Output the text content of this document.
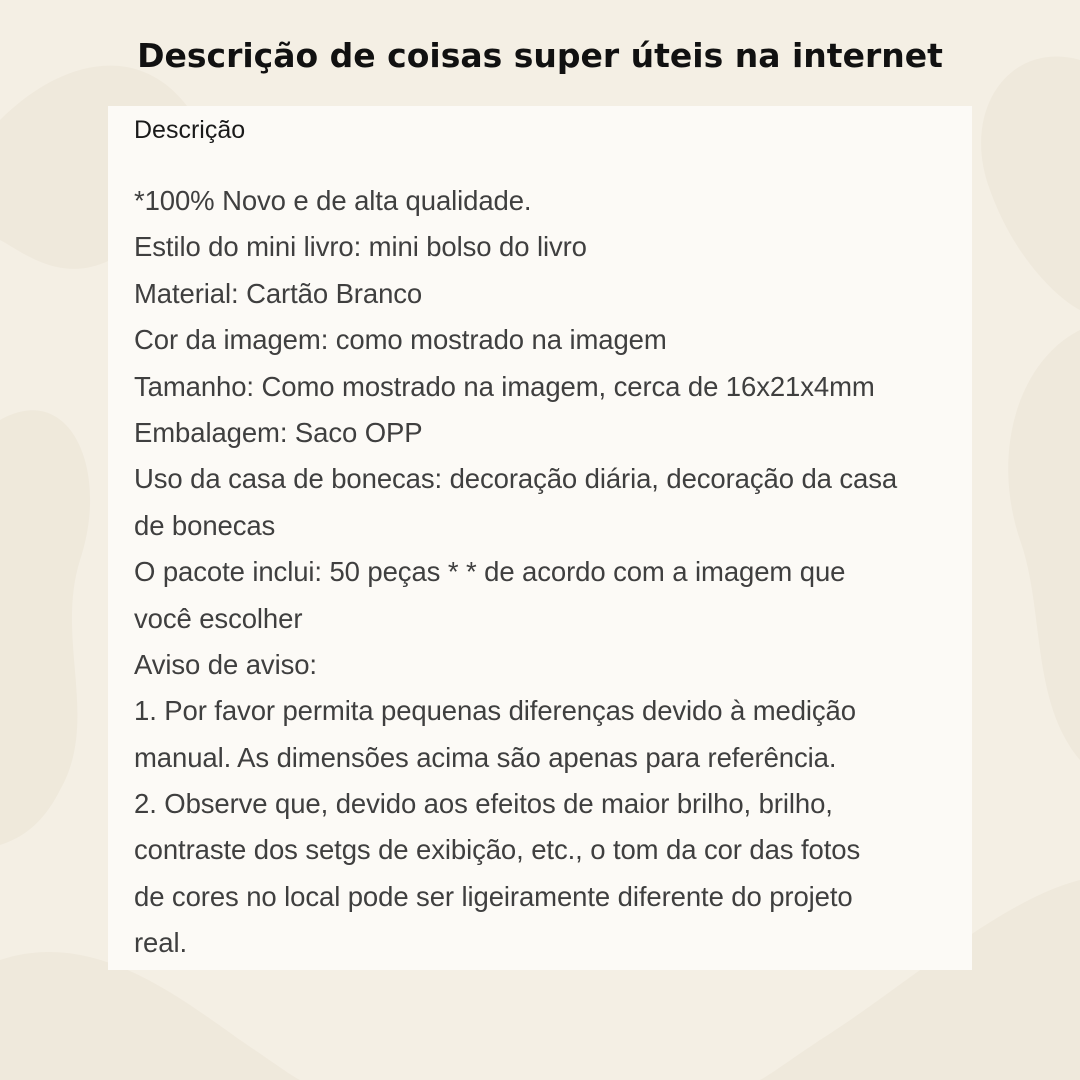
Descrição de coisas super úteis na internet
Descrição
*100% Novo e de alta qualidade.
Estilo do mini livro: mini bolso do livro
Material: Cartão Branco
Cor da imagem: como mostrado na imagem
Tamanho: Como mostrado na imagem, cerca de 16x21x4mm
Embalagem: Saco OPP
Uso da casa de bonecas: decoração diária, decoração da casa
de bonecas
O pacote inclui: 50 peças * * de acordo com a imagem que
você escolher
Aviso de aviso:
1. Por favor permita pequenas diferenças devido à medição
manual. As dimensões acima são apenas para referência.
2. Observe que, devido aos efeitos de maior brilho, brilho,
contraste dos setgs de exibição, etc., o tom da cor das fotos
de cores no local pode ser ligeiramente diferente do projeto
real.
